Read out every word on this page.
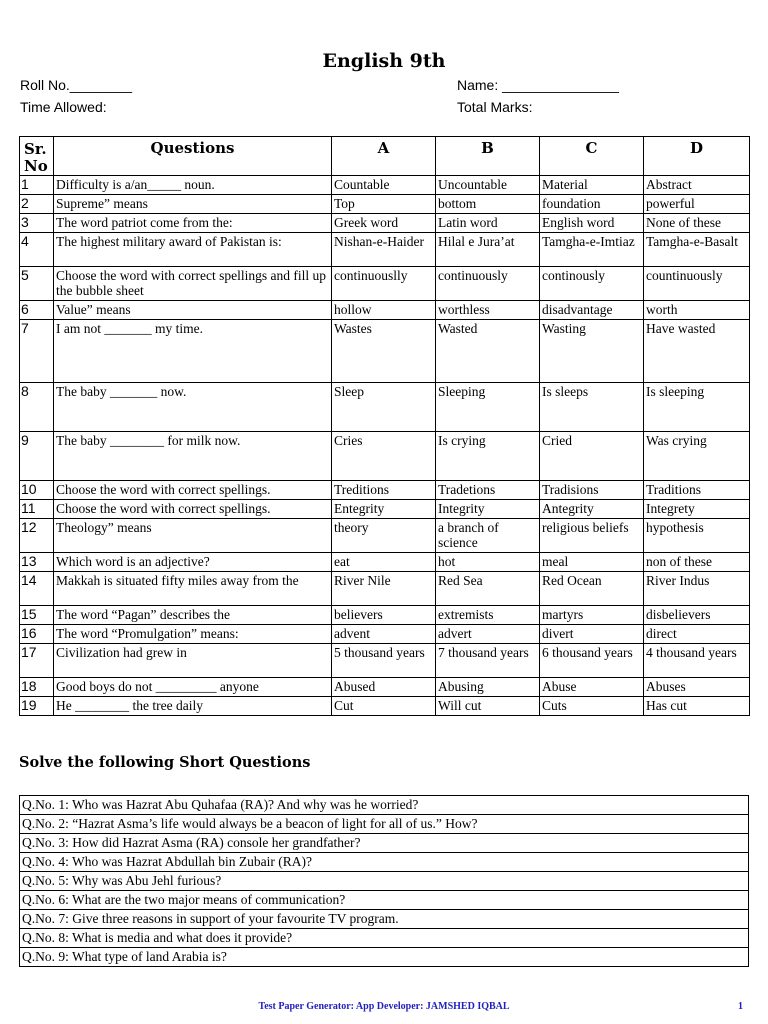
English 9th
Roll No.________	Name: _______________
Time Allowed:	Total Marks:
Sr.
No	Questions	A	B	C	D
1	Difficulty is a/an_____ noun.	Countable	Uncountable	Material	Abstract
2	Supreme” means	Top	bottom	foundation	powerful
3	The word patriot come from the:	Greek word	Latin word	English word	None of these
4	The highest military award of Pakistan is:	Nishan-e-Haider	Hilal e Jura’at	Tamgha-e-Imtiaz	Tamgha-e-Basalt
5	Choose the word with correct spellings and fill up the bubble sheet	continuouslly	continuously	continously	countinuously
6	Value” means	hollow	worthless	disadvantage	worth
7	I am not _______ my time.	Wastes	Wasted	Wasting	Have wasted
8	The baby _______ now.	Sleep	Sleeping	Is sleeps	Is sleeping
9	The baby ________ for milk now.	Cries	Is crying	Cried	Was crying
10	Choose the word with correct spellings.	Treditions	Tradetions	Tradisions	Traditions
11	Choose the word with correct spellings.	Entegrity	Integrity	Antegrity	Integrety
12	Theology” means	theory	a branch of science	religious beliefs	hypothesis
13	Which word is an adjective?	eat	hot	meal	non of these
14	Makkah is situated fifty miles away from the	River Nile	Red Sea	Red Ocean	River Indus
15	The word “Pagan” describes the	believers	extremists	martyrs	disbelievers
16	The word “Promulgation” means:	advent	advert	divert	direct
17	Civilization had grew in	5 thousand years	7 thousand years	6 thousand years	4 thousand years
18	Good boys do not _________ anyone	Abused	Abusing	Abuse	Abuses
19	He ________ the tree daily	Cut	Will cut	Cuts	Has cut
Solve the following Short Questions
Q.No. 1: Who was Hazrat Abu Quhafaa (RA)? And why was he worried?
Q.No. 2: “Hazrat Asma’s life would always be a beacon of light for all of us.” How?
Q.No. 3: How did Hazrat Asma (RA) console her grandfather?
Q.No. 4: Who was Hazrat Abdullah bin Zubair (RA)?
Q.No. 5: Why was Abu Jehl furious?
Q.No. 6: What are the two major means of communication?
Q.No. 7: Give three reasons in support of your favourite TV program.
Q.No. 8: What is media and what does it provide?
Q.No. 9: What type of land Arabia is?
Test Paper Generator: App Developer: JAMSHED IQBAL	1
